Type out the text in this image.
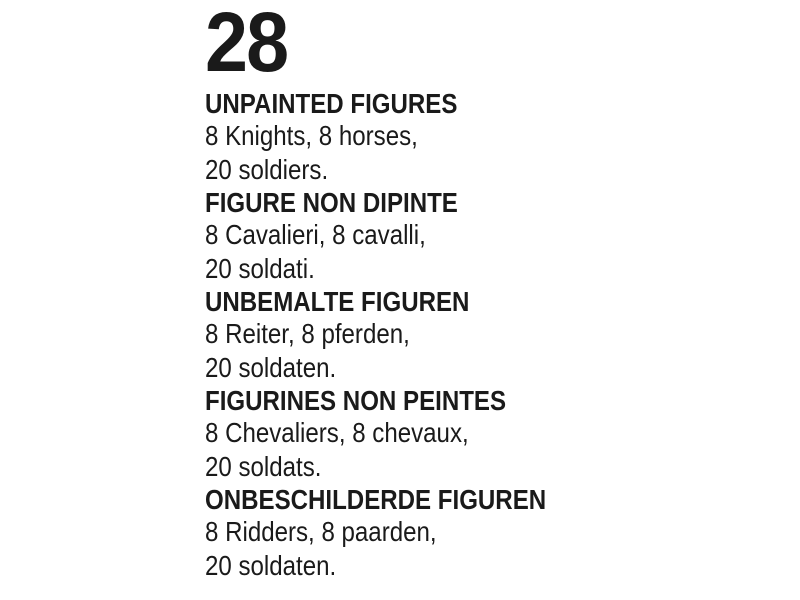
28
UNPAINTED FIGURES
8 Knights, 8 horses,
20 soldiers.
FIGURE NON DIPINTE
8 Cavalieri, 8 cavalli,
20 soldati.
UNBEMALTE FIGUREN
8 Reiter, 8 pferden,
20 soldaten.
FIGURINES NON PEINTES
8 Chevaliers, 8 chevaux,
20 soldats.
ONBESCHILDERDE FIGUREN
8 Ridders, 8 paarden,
20 soldaten.
